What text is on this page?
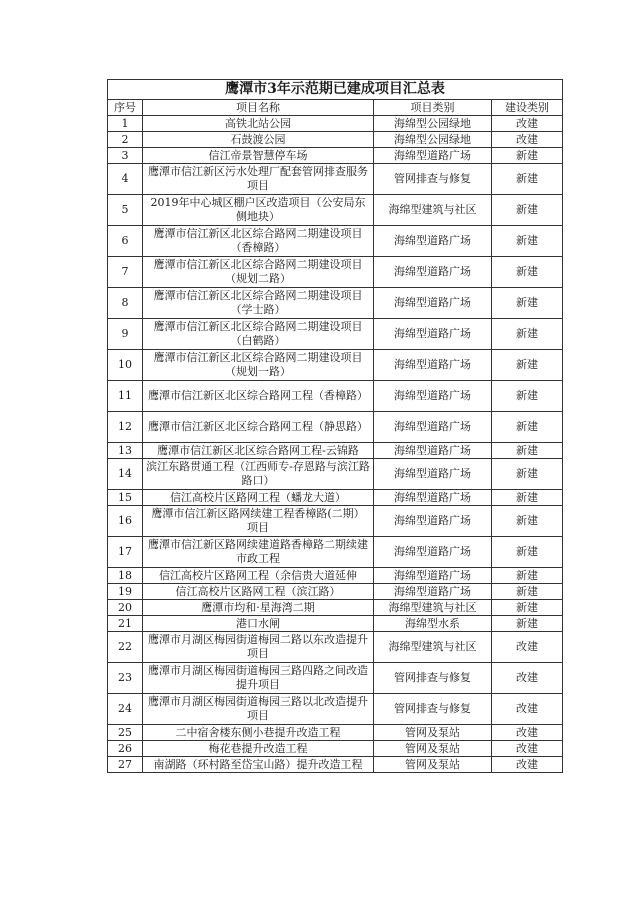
鹰潭市3年示范期已建成项目汇总表			
序号	项目名称	项目类别	建设类别
1	高铁北站公园	海绵型公园绿地	改建
2	石鼓渡公园	海绵型公园绿地	改建
3	信江帝景智慧停车场	海绵型道路广场	新建
4	鹰潭市信江新区污水处理厂配套管网排查服务项目	管网排查与修复	新建
5	2019年中心城区棚户区改造项目（公安局东侧地块）	海绵型建筑与社区	新建
6	鹰潭市信江新区北区综合路网二期建设项目（香樟路）	海绵型道路广场	新建
7	鹰潭市信江新区北区综合路网二期建设项目（规划二路）	海绵型道路广场	新建
8	鹰潭市信江新区北区综合路网二期建设项目（学士路）	海绵型道路广场	新建
9	鹰潭市信江新区北区综合路网二期建设项目（白鹤路）	海绵型道路广场	新建
10	鹰潭市信江新区北区综合路网二期建设项目（规划一路）	海绵型道路广场	新建
11	鹰潭市信江新区北区综合路网工程（香樟路）	海绵型道路广场	新建
12	鹰潭市信江新区北区综合路网工程（静思路）	海绵型道路广场	新建
13	鹰潭市信江新区北区综合路网工程-云锦路	海绵型道路广场	新建
14	滨江东路贯通工程（江西师专-存恩路与滨江路路口）	海绵型道路广场	新建
15	信江高校片区路网工程（蟠龙大道）	海绵型道路广场	新建
16	鹰潭市信江新区路网续建工程香樟路(二期）项目	海绵型道路广场	新建
17	鹰潭市信江新区路网续建道路香樟路二期续建市政工程	海绵型道路广场	新建
18	信江高校片区路网工程（余信贵大道延伸	海绵型道路广场	新建
19	信江高校片区路网工程（滨江路）	海绵型道路广场	新建
20	鹰潭市均和·星海湾二期	海绵型建筑与社区	新建
21	港口水闸	海绵型水系	新建
22	鹰潭市月湖区梅园街道梅园二路以东改造提升项目	海绵型建筑与社区	改建
23	鹰潭市月湖区梅园街道梅园三路四路之间改造提升项目	管网排查与修复	改建
24	鹰潭市月湖区梅园街道梅园三路以北改造提升项目	管网排查与修复	改建
25	二中宿舍楼东侧小巷提升改造工程	管网及泵站	改建
26	梅花巷提升改造工程	管网及泵站	改建
27	南湖路（环村路至岱宝山路）提升改造工程	管网及泵站	改建
